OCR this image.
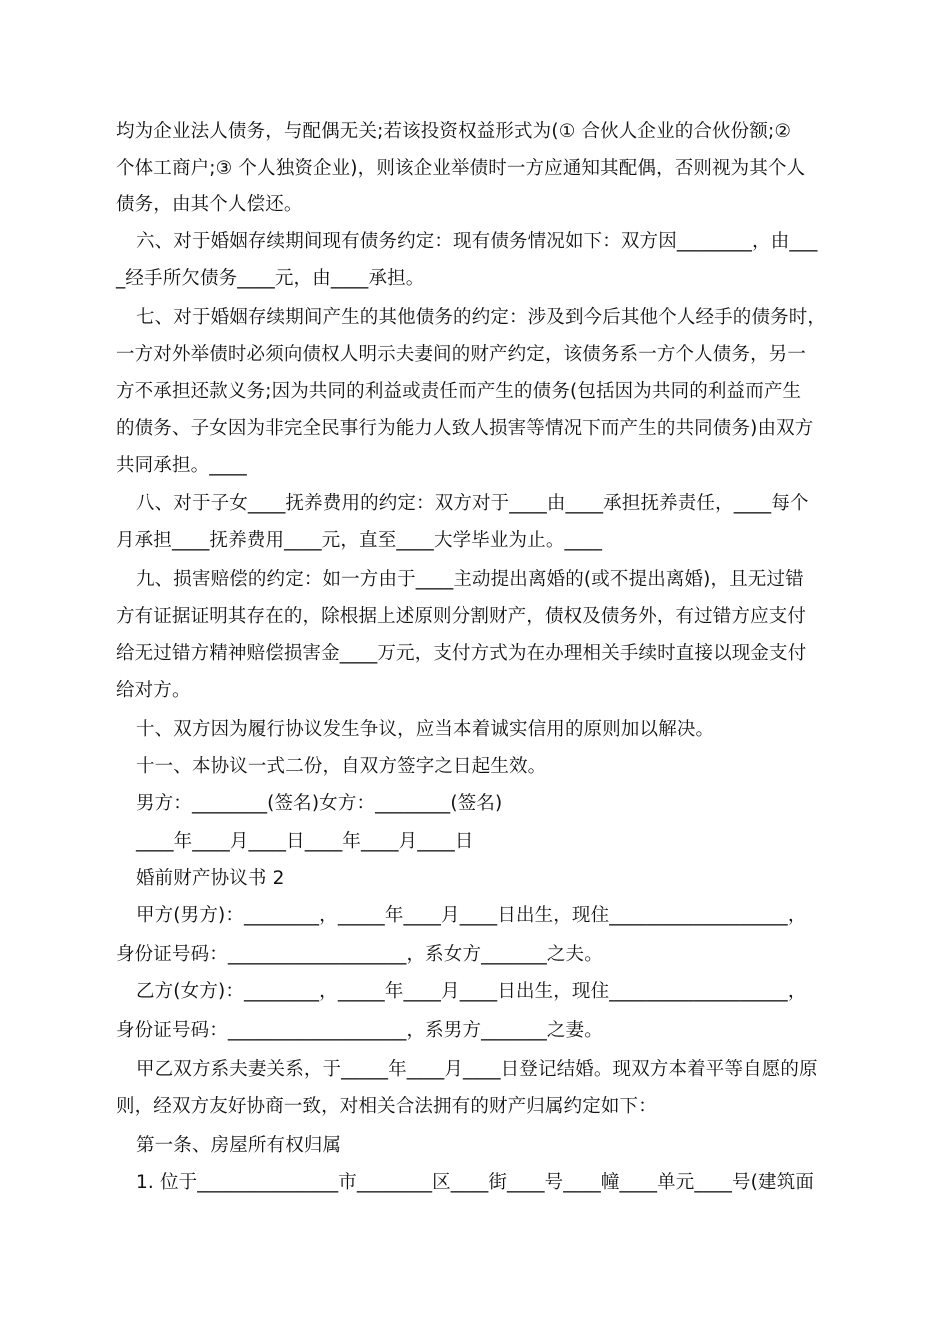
均为企业法人债务，与配偶无关;若该投资权益形式为(① 合伙人企业的合伙份额;②
个体工商户;③ 个人独资企业)，则该企业举债时一方应通知其配偶，否则视为其个人
债务，由其个人偿还。
六、对于婚姻存续期间现有债务约定：现有债务情况如下：双方因________，由___
_经手所欠债务____元，由____承担。
七、对于婚姻存续期间产生的其他债务的约定：涉及到今后其他个人经手的债务时，
一方对外举债时必须向债权人明示夫妻间的财产约定，该债务系一方个人债务，另一
方不承担还款义务;因为共同的利益或责任而产生的债务(包括因为共同的利益而产生
的债务、子女因为非完全民事行为能力人致人损害等情况下而产生的共同债务)由双方
共同承担。____
八、对于子女____抚养费用的约定：双方对于____由____承担抚养责任，____每个
月承担____抚养费用____元，直至____大学毕业为止。____
九、损害赔偿的约定：如一方由于____主动提出离婚的(或不提出离婚)，且无过错
方有证据证明其存在的，除根据上述原则分割财产，债权及债务外，有过错方应支付
给无过错方精神赔偿损害金____万元，支付方式为在办理相关手续时直接以现金支付
给对方。
十、双方因为履行协议发生争议，应当本着诚实信用的原则加以解决。
十一、本协议一式二份，自双方签字之日起生效。
男方：________(签名)女方：________(签名)
____年____月____日____年____月____日
婚前财产协议书 2
甲方(男方)：________，_____年____月____日出生，现住___________________，
身份证号码：___________________，系女方_______之夫。
乙方(女方)：________，_____年____月____日出生，现住___________________，
身份证号码：___________________，系男方_______之妻。
甲乙双方系夫妻关系，于_____年____月____日登记结婚。现双方本着平等自愿的原
则，经双方友好协商一致，对相关合法拥有的财产归属约定如下：
第一条、房屋所有权归属
1. 位于_______________市________区____街____号____幢____单元____号(建筑面
